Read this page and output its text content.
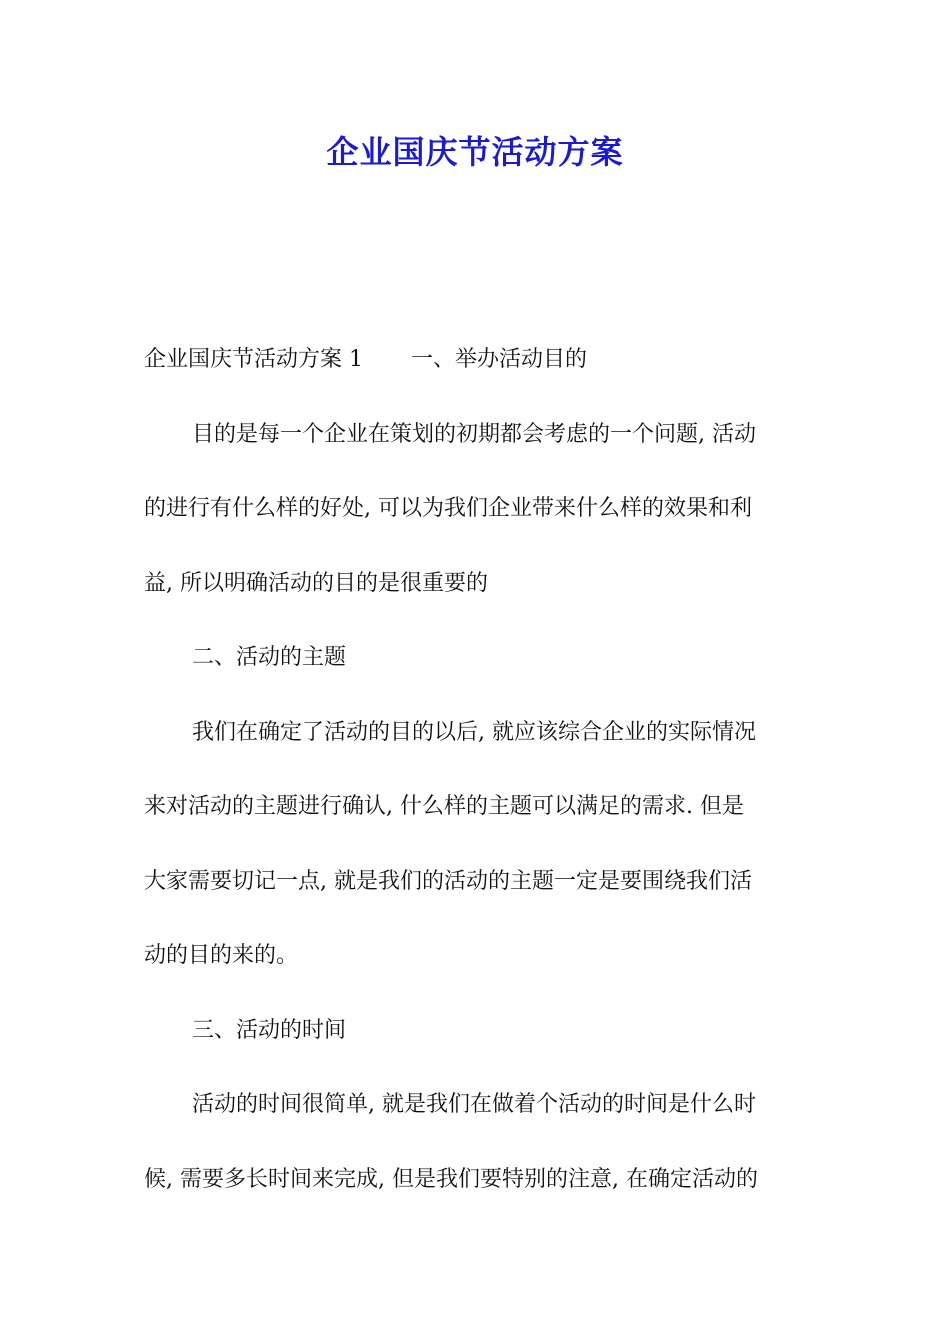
企业国庆节活动方案
企业国庆节活动方案 1 一、举办活动目的
目的是每一个企业在策划的初期都会考虑的一个问题, 活动
的进行有什么样的好处, 可以为我们企业带来什么样的效果和利
益, 所以明确活动的目的是很重要的
二、活动的主题
我们在确定了活动的目的以后, 就应该综合企业的实际情况
来对活动的主题进行确认, 什么样的主题可以满足的需求. 但是
大家需要切记一点, 就是我们的活动的主题一定是要围绕我们活
动的目的来的。
三、活动的时间
活动的时间很简单, 就是我们在做着个活动的时间是什么时
候, 需要多长时间来完成, 但是我们要特别的注意, 在确定活动的
